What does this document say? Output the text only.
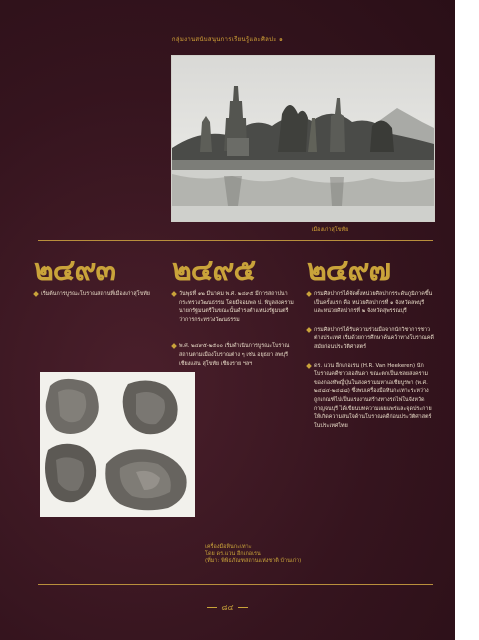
กลุ่มงานสนับสนุนการเรียนรู้และศิลปะ ๑
เมืองเก่าสุโขทัย
๒๔๙๓
เริ่มต้นการบูรณะโบราณสถานที่เมืองเก่าสุโขทัย
๒๔๙๕
วันพุธที่ ๑๒ มีนาคม พ.ศ. ๒๔๙๕ มีการสถาปนากระทรวงวัฒนธรรม โดยมีจอมพล ป. พิบูลสงคราม นายกรัฐมนตรีในขณะนั้นดำรงตำแหน่งรัฐมนตรีว่าการกระทรวงวัฒนธรรม
พ.ศ. ๒๔๙๕-๒๕๐๐ เริ่มดำเนินการบูรณะโบราณสถานตามเมืองโบราณต่าง ๆ เช่น อยุธยา ลพบุรี เชียงแสน สุโขทัย เชียงราย ฯลฯ
๒๔๙๗
กรมศิลปากรได้จัดตั้งหน่วยศิลปากรระดับภูมิภาคขึ้นเป็นครั้งแรก คือ หน่วยศิลปากรที่ ๑ จังหวัดลพบุรี และหน่วยศิลปากรที่ ๒ จังหวัดสุพรรณบุรี
กรมศิลปากรได้รับความร่วมมือจากนักวิชาการชาวต่างประเทศ เริ่มด้วยการศึกษาค้นคว้าทางโบราณคดีสมัยก่อนประวัติศาสตร์
ดร. แวน ฮีกเกอเรน (H.R. Van Heekeren) นักโบราณคดีชาวฮอลันดา ขณะตกเป็นเชลยสงครามของกองทัพญี่ปุ่นในสงครามมหาเอเชียบูรพา (พ.ศ. ๒๔๘๔-๒๔๘๘) ซึ่งพบเครื่องมือหินกะเทาะระหว่างถูกเกณฑ์ไปเป็นแรงงานสร้างทางรถไฟในจังหวัดกาญจนบุรี ได้เขียนบทความเผยแพร่และจุดประกายให้เกิดความสนใจด้านโบราณคดีก่อนประวัติศาสตร์ในประเทศไทย
เครื่องมือหินกะเทาะ
โดย ดร.แวน ฮีกเกอเรน
(ที่มา: พิพิธภัณฑสถานแห่งชาติ บ้านเก่า)
๘๔
